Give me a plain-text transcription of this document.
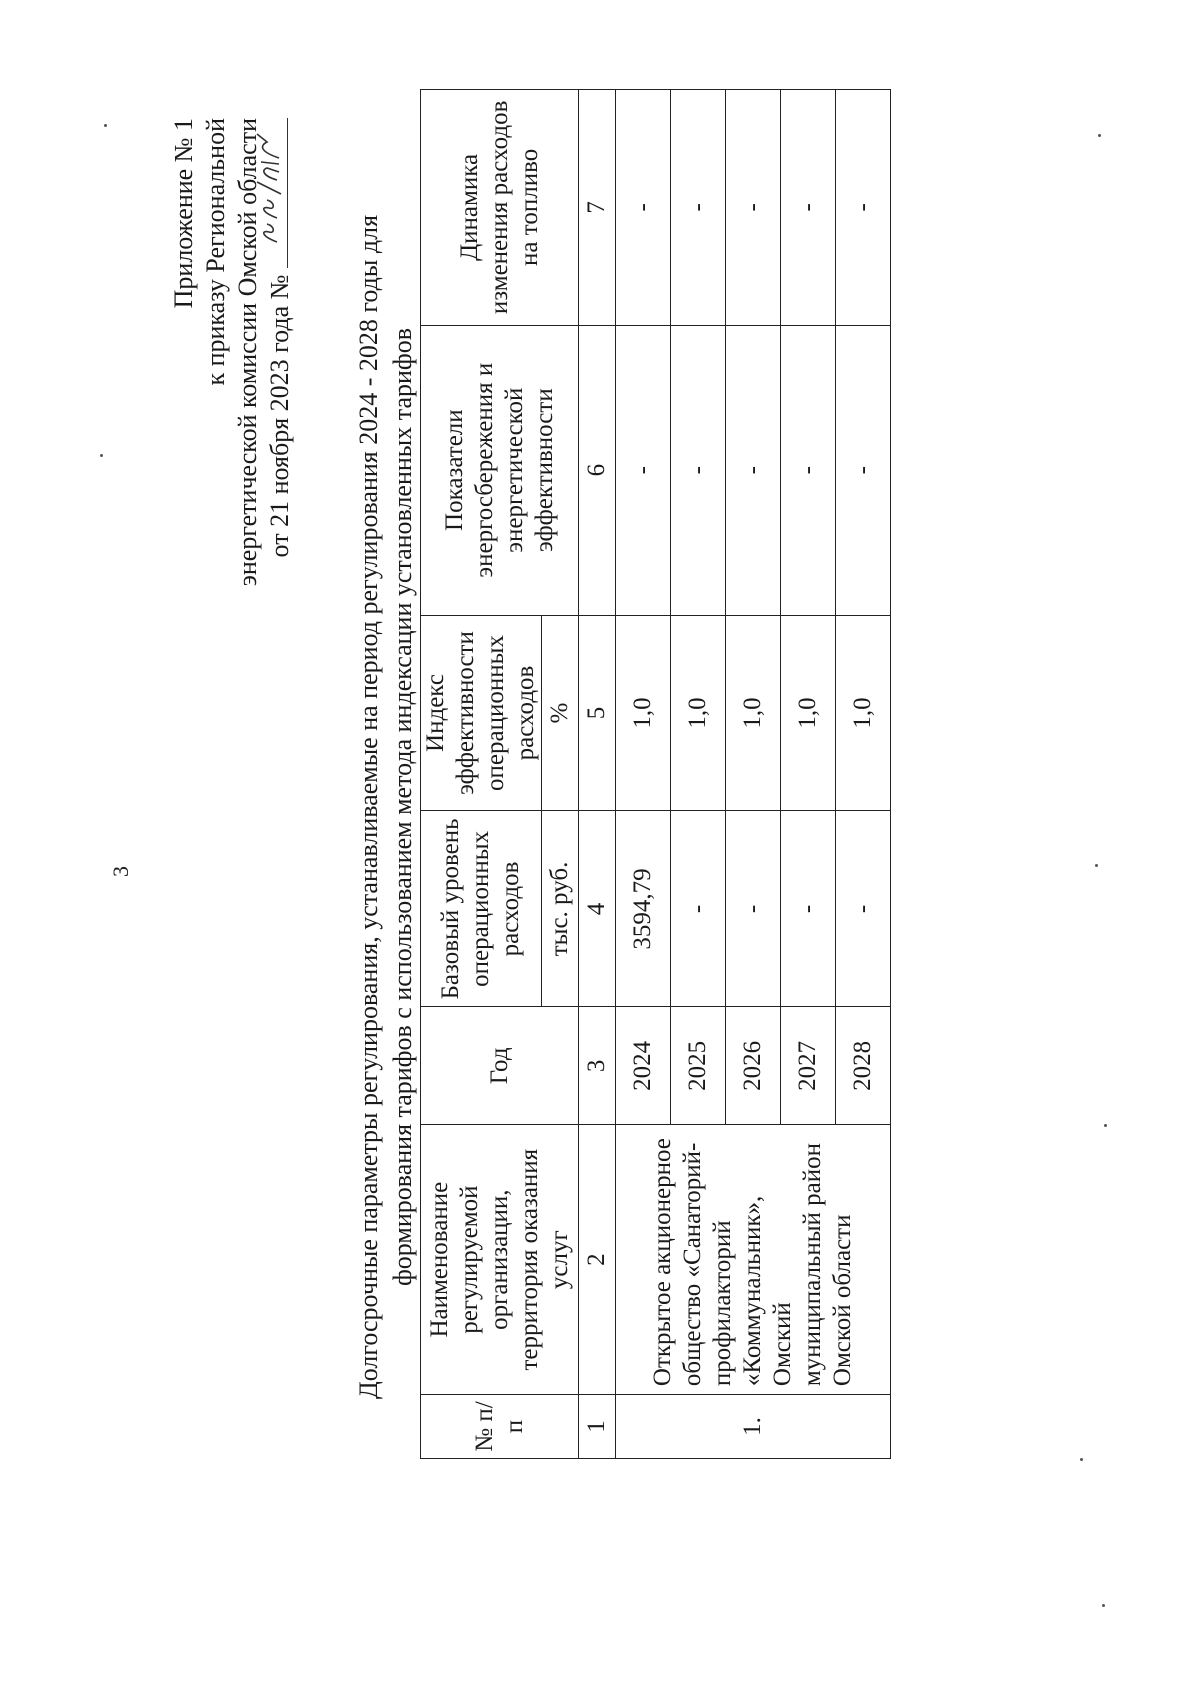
3
Приложение № 1 к приказу Региональной энергетической комиссии Омской области от 21 ноября 2023 года № Долгосрочные параметры регулирования, устанавливаемые на период регулирования 2024 - 2028 годы для формирования тарифов с использованием метода индексации установленных тарифов
№ п/п	Наименование регулируемой организации, территория оказания услуг	Год	Базовый уровень операционных расходов	Индекс эффективности операционных расходов	Показатели энергосбережения и энергетической эффективности	Динамика изменения расходов на топливо
			тыс. руб.	%		
1	2	3	4	5	6	7
1.	Открытое акционерное общество «Санаторий-профилакторий «Коммунальник», Омский муниципальный район Омской области	2024	3594,79	1,0	-	-
		2025	-	1,0	-	-
		2026	-	1,0	-	-
		2027	-	1,0	-	-
		2028	-	1,0	-	-
